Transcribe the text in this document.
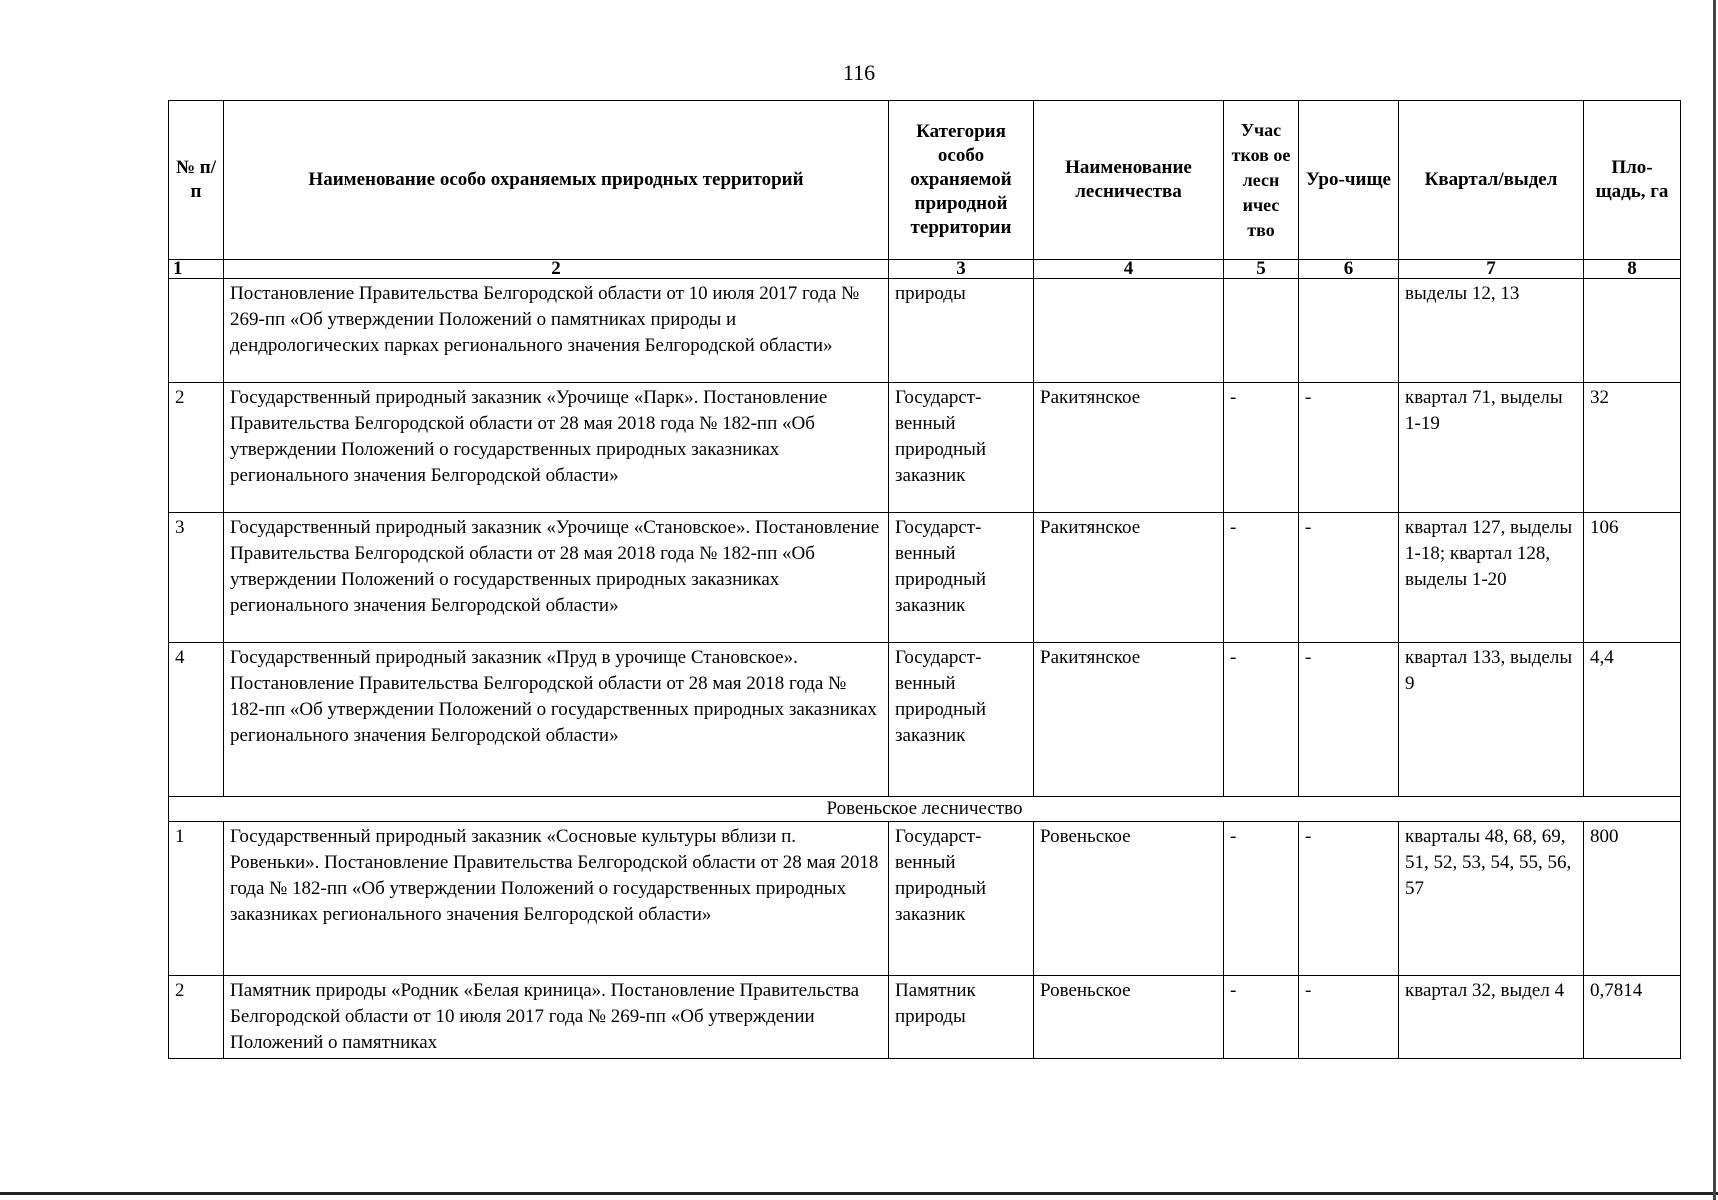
116
№ п/п	Наименование особо охраняемых природных территорий	Категория особо охраняемой природной территории	Наименование лесничества	Учас тков ое лесн ичес тво	Уро-чище	Квартал/выдел	Пло-щадь, га
1	2	3	4	5	6	7	8
	Постановление Правительства Белгородской области от 10 июля 2017 года № 269-пп «Об утверждении Положений о памятниках природы и дендрологических парках регионального значения Белгородской области»	природы				выделы 12, 13	
2	Государственный природный заказник «Урочище «Парк». Постановление Правительства Белгородской области от 28 мая 2018 года № 182-пп «Об утверждении Положений о государственных природных заказниках регионального значения Белгородской области»	Государст-венный природный заказник	Ракитянское	-	-	квартал 71, выделы 1-19	32
3	Государственный природный заказник «Урочище «Становское». Постановление Правительства Белгородской области от 28 мая 2018 года № 182-пп «Об утверждении Положений о государственных природных заказниках регионального значения Белгородской области»	Государст-венный природный заказник	Ракитянское	-	-	квартал 127, выделы 1-18; квартал 128, выделы 1-20	106
4	Государственный природный заказник «Пруд в урочище Становское». Постановление Правительства Белгородской области от 28 мая 2018 года № 182-пп «Об утверждении Положений о государственных природных заказниках регионального значения Белгородской области»	Государст-венный природный заказник	Ракитянское	-	-	квартал 133, выделы 9	4,4
Ровеньское лесничество							
1	Государственный природный заказник «Сосновые культуры вблизи п. Ровеньки». Постановление Правительства Белгородской области от 28 мая 2018 года № 182-пп «Об утверждении Положений о государственных природных заказниках регионального значения Белгородской области»	Государст-венный природный заказник	Ровеньское	-	-	кварталы 48, 68, 69, 51, 52, 53, 54, 55, 56, 57	800
2	Памятник природы «Родник «Белая криница». Постановление Правительства Белгородской области от 10 июля 2017 года № 269-пп «Об утверждении Положений о памятниках	Памятник природы	Ровеньское	-	-	квартал 32, выдел 4	0,7814
